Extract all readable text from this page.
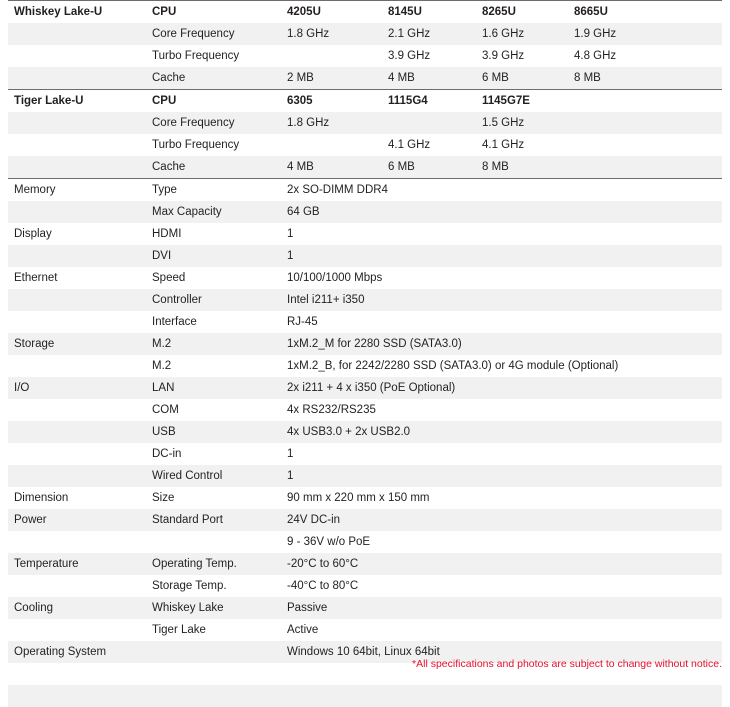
Whiskey Lake-U	CPU	4205U	8145U	8265U	8665U
	Core Frequency	1.8 GHz	2.1 GHz	1.6 GHz	1.9 GHz
	Turbo Frequency		3.9 GHz	3.9 GHz	4.8 GHz
	Cache	2 MB	4 MB	6 MB	8 MB
Tiger Lake-U	CPU	6305	1115G4	1145G7E	
	Core Frequency	1.8 GHz		1.5 GHz	
	Turbo Frequency		4.1 GHz	4.1 GHz	
	Cache	4 MB	6 MB	8 MB	
Memory	Type	2x SO-DIMM DDR4			
	Max Capacity	64 GB			
Display	HDMI	1			
	DVI	1			
Ethernet	Speed	10/100/1000 Mbps			
	Controller	Intel i211+ i350			
	Interface	RJ-45			
Storage	M.2	1xM.2_M for 2280 SSD (SATA3.0)			
	M.2	1xM.2_B, for 2242/2280 SSD (SATA3.0) or 4G module (Optional)			
I/O	LAN	2x i211 + 4 x i350 (PoE Optional)			
	COM	4x RS232/RS235			
	USB	4x USB3.0 + 2x USB2.0			
	DC-in	1			
	Wired Control	1			
Dimension	Size	90 mm x 220 mm x 150 mm			
Power	Standard Port	24V DC-in			
		9 - 36V w/o PoE			
Temperature	Operating Temp.	-20°C to 60°C			
	Storage Temp.	-40°C to 80°C			
Cooling	Whiskey Lake	Passive			
	Tiger Lake	Active			
Operating System		Windows 10 64bit, Linux 64bit			

*All specifications and photos are subject to change without notice.
